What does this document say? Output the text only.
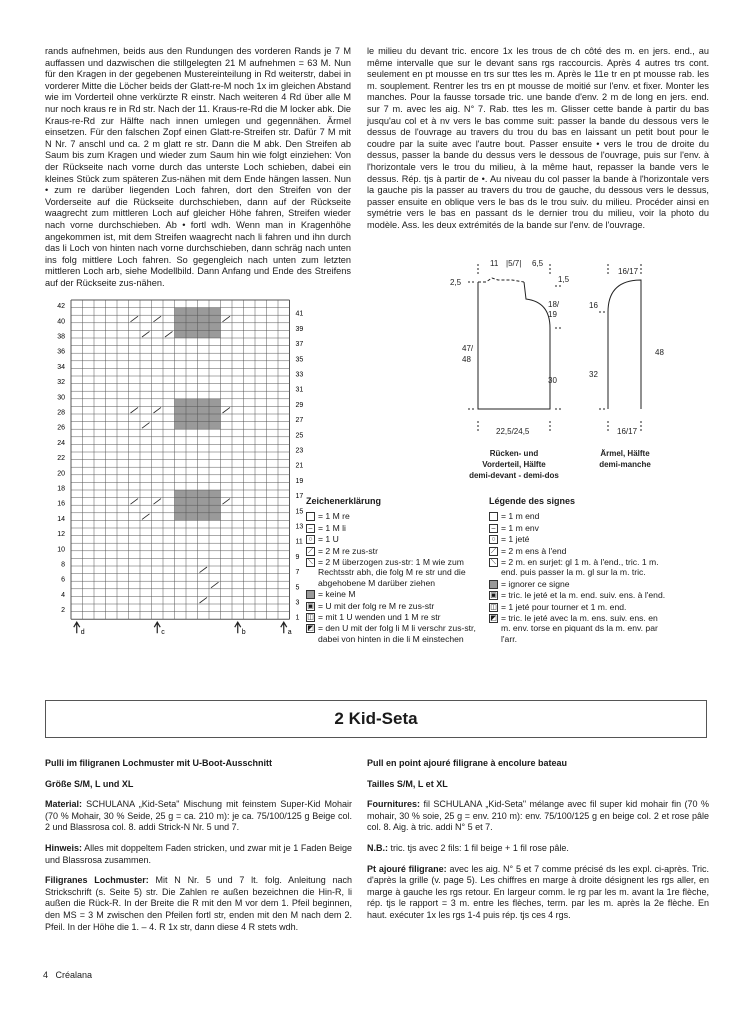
rands aufnehmen, beids aus den Rundungen des vorderen Rands je 7 M auffassen und dazwischen die stillgelegten 21 M aufnehmen = 63 M. Nun für den Kragen in der gegebenen Mustereinteilung in Rd weiterstr, dabei in vorderer Mitte die Löcher beids der Glatt-re-M noch 1x im gleichen Abstand wie im Vorderteil ohne verkürzte R einstr. Nach weiteren 4 Rd über alle M nur noch kraus re in Rd str. Nach der 11. Kraus-re-Rd die M locker abk. Die Kraus-re-Rd zur Hälfte nach innen umlegen und gegennähen. Ärmel einsetzen. Für den falschen Zopf einen Glatt-re-Streifen str. Dafür 7 M mit N Nr. 7 anschl und ca. 2 m glatt re str. Dann die M abk. Den Streifen ab Saum bis zum Kragen und wieder zum Saum hin wie folgt einziehen: Von der Rückseite nach vorne durch das unterste Loch schieben, dabei ein kleines Stück zum späteren Zus-nähen mit dem Ende hängen lassen. Nun • zum re darüber liegenden Loch fahren, dort den Streifen von der Vorderseite auf die Rückseite durchschieben, dann auf der Rückseite waagrecht zum mittleren Loch auf gleicher Höhe fahren, Streifen wieder nach vorne durchschieben. Ab • fortl wdh. Wenn man in Kragenhöhe angekommen ist, mit dem Streifen waagrecht nach li fahren und ihn durch das li Loch von hinten nach vorne durchschieben, dann schräg nach unten ins folg mittlere Loch fahren. So gegengleich nach unten zum letzten mittleren Loch arb, siehe Modellbild. Dann Anfang und Ende des Streifens auf der Rückseite zus-nähen.

le milieu du devant tric. encore 1x les trous de ch côté des m. en jers. end., au même intervalle que sur le devant sans rgs raccourcis. Après 4 autres trs cont. seulement en pt mousse en trs sur ttes les m. Après le 11e tr en pt mousse rab. les m. souplement. Rentrer les trs en pt mousse de moitié sur l'env. et fixer. Monter les manches. Pour la fausse torsade tric. une bande d'env. 2 m de long en jers. end. sur 7 m. avec les aig. N° 7. Rab. ttes les m. Glisser cette bande à partir du bas jusqu'au col et à nv vers le bas comme suit: passer la bande du dessous vers le dessus de l'ouvrage au travers du trou du bas en laissant un petit bout pour le coudre par la suite avec l'autre bout. Passer ensuite • vers le trou de droite du dessus, passer la bande du dessus vers le dessous de l'ouvrage, puis sur l'env. à l'horizontale vers le trou du milieu, à la même haut, repasser la bande vers le dessus. Rép. tjs à partir de •. Au niveau du col passer la bande à l'horizontale vers la gauche pis la passer au travers du trou de gauche, du dessous vers le dessus, passer ensuite en oblique vers le bas ds le trou suiv. du milieu. Procéder ainsi en symétrie vers le bas en passant ds le dernier trou du milieu, voir la photo du modèle. Ass. les deux extrémités de la bande sur l'env. de l'ouvrage.

42
40
38
36
34
32
30
28
26
24
22
20
18
16
14
12
10
8
6
4
2
41
39
37
35
33
31
29
27
25
23
21
19
17
15
13
11
9
7
5
3
1
d	c	b	a
11 |5/7| 6,5
2,5	1,5
18/
19
47/
48
30
22,5/24,5
Rücken- und
Vorderteil, Hälfte
demi-devant - demi-dos
16/17
16
32
48
16/17
Ärmel, Hälfte
demi-manche
Zeichenerklärung
= 1 M re
– = 1 M li
○ = 1 U
⟋ = 2 M re zus-str
⟍ = 2 M überzogen zus-str: 1 M wie zum Rechtsstr abh, die folg M re str und die abgehobene M darüber ziehen
= keine M
▣ = U mit der folg re M re zus-str
◫ = mit 1 U wenden und 1 M re str
◩ = den U mit der folg li M li verschr zus-str, dabei von hinten in die li M einstechen
Légende des signes
= 1 m end
– = 1 m env
○ = 1 jeté
⟋ = 2 m ens à l'end
⟍ = 2 m. en surjet: gl 1 m. à l'end., tric. 1 m. end. puis passer la m. gl sur la m. tric.
= ignorer ce signe
▣ = tric. le jeté et la m. end. suiv. ens. à l'end.
◫ = 1 jeté pour tourner et 1 m. end.
◩ = tric. le jeté avec la m. ens. suiv. ens. en m. env. torse en piquant ds la m. env. par l'arr.
2 Kid-Seta

Pulli im filigranen Lochmuster mit U-Boot-Ausschnitt

Größe S/M, L und XL

Material: SCHULANA „Kid-Seta" Mischung mit feinstem Super-Kid Mohair (70 % Mohair, 30 % Seide, 25 g = ca. 210 m): je ca. 75/100/125 g Beige col. 2 und Blassrosa col. 8. addi Strick-N Nr. 5 und 7.

Hinweis: Alles mit doppeltem Faden stricken, und zwar mit je 1 Faden Beige und Blassrosa zusammen.

Filigranes Lochmuster: Mit N Nr. 5 und 7 lt. folg. Anleitung nach Strickschrift (s. Seite 5) str. Die Zahlen re außen bezeichnen die Hin-R, li außen die Rück-R. In der Breite die R mit den M vor dem 1. Pfeil beginnen, den MS = 3 M zwischen den Pfeilen fortl str, enden mit den M nach dem 2. Pfeil. In der Höhe die 1. – 4. R 1x str, dann diese 4 R stets wdh.

Pull en point ajouré filigrane à encolure bateau

Tailles S/M, L et XL

Fournitures: fil SCHULANA „Kid-Seta" mélange avec fil super kid mohair fin (70 % mohair, 30 % soie, 25 g = env. 210 m): env. 75/100/125 g en beige col. 2 et rose pâle col. 8. Aig. à tric. addi N° 5 et 7.

N.B.: tric. tjs avec 2 fils: 1 fil beige + 1 fil rose pâle.

Pt ajouré filigrane: avec les aig. N° 5 et 7 comme précisé ds les expl. ci-après. Tric. d'après la grille (v. page 5). Les chiffres en marge à droite désignent les rgs aller, en marge à gauche les rgs retour. En largeur comm. le rg par les m. avant la 1re flèche, rép. tjs le rapport = 3 m. entre les flèches, term. par les m. après la 2e flèche. En haut. exécuter 1x les rgs 1-4 puis rép. tjs ces 4 rgs.

4 Créalana
